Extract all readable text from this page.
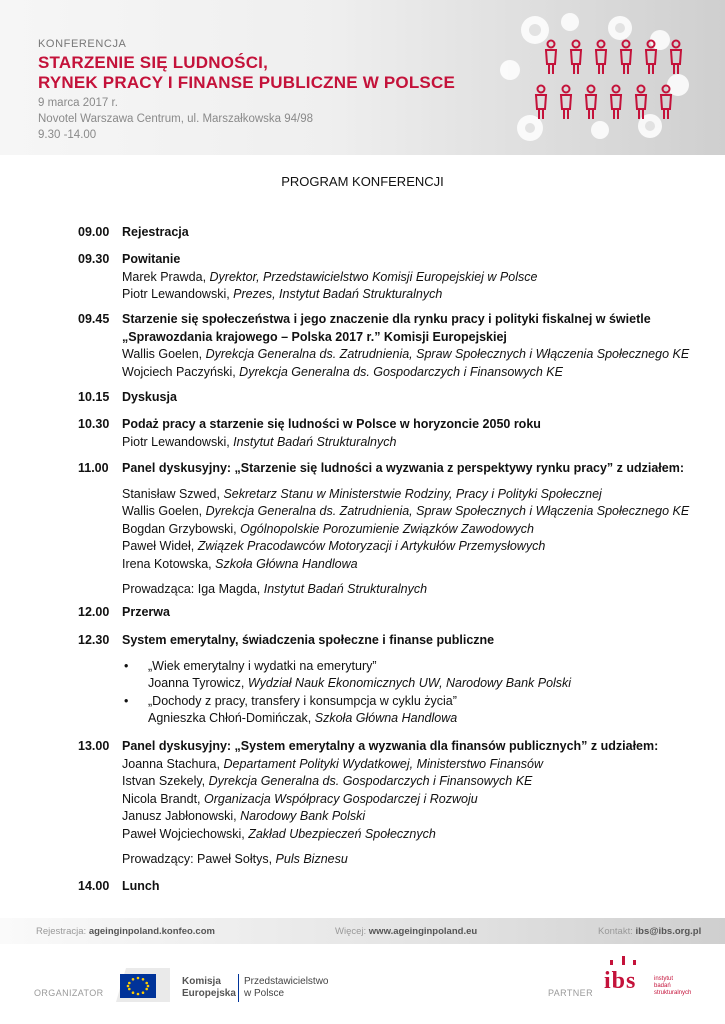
KONFERENCJA
STARZENIE SIĘ LUDNOŚCI,
RYNEK PRACY I FINANSE PUBLICZNE W POLSCE
9 marca 2017 r.
Novotel Warszawa Centrum, ul. Marszałkowska 94/98
9.30 -14.00
PROGRAM KONFERENCJI
09.00	Rejestracja
09.30	Powitanie
Marek Prawda, Dyrektor, Przedstawicielstwo Komisji Europejskiej w Polsce
Piotr Lewandowski, Prezes, Instytut Badań Strukturalnych
09.45	Starzenie się społeczeństwa i jego znaczenie dla rynku pracy i polityki fiskalnej w świetle
„Sprawozdania krajowego – Polska 2017 r.” Komisji Europejskiej
Wallis Goelen, Dyrekcja Generalna ds. Zatrudnienia, Spraw Społecznych i Włączenia Społecznego KE
Wojciech Paczyński, Dyrekcja Generalna ds. Gospodarczych i Finansowych KE
10.15	Dyskusja
10.30	Podaż pracy a starzenie się ludności w Polsce w horyzoncie 2050 roku
Piotr Lewandowski, Instytut Badań Strukturalnych
11.00	Panel dyskusyjny: „Starzenie się ludności a wyzwania z perspektywy rynku pracy” z udziałem:
Stanisław Szwed, Sekretarz Stanu w Ministerstwie Rodziny, Pracy i Polityki Społecznej
Wallis Goelen, Dyrekcja Generalna ds. Zatrudnienia, Spraw Społecznych i Włączenia Społecznego KE
Bogdan Grzybowski, Ogólnopolskie Porozumienie Związków Zawodowych
Paweł Wideł, Związek Pracodawców Motoryzacji i Artykułów Przemysłowych
Irena Kotowska, Szkoła Główna Handlowa
Prowadząca: Iga Magda, Instytut Badań Strukturalnych
12.00	Przerwa
12.30	System emerytalny, świadczenia społeczne i finanse publiczne
• „Wiek emerytalny i wydatki na emerytury”
Joanna Tyrowicz, Wydział Nauk Ekonomicznych UW, Narodowy Bank Polski
• „Dochody z pracy, transfery i konsumpcja w cyklu życia”
Agnieszka Chłoń-Domińczak, Szkoła Główna Handlowa
13.00	Panel dyskusyjny: „System emerytalny a wyzwania dla finansów publicznych” z udziałem:
Joanna Stachura, Departament Polityki Wydatkowej, Ministerstwo Finansów
Istvan Szekely, Dyrekcja Generalna ds. Gospodarczych i Finansowych KE
Nicola Brandt, Organizacja Współpracy Gospodarczej i Rozwoju
Janusz Jabłonowski, Narodowy Bank Polski
Paweł Wojciechowski, Zakład Ubezpieczeń Społecznych
Prowadzący: Paweł Sołtys, Puls Biznesu
14.00	Lunch
Rejestracja: ageinginpoland.konfeo.com	Więcej: www.ageinginpoland.eu	Kontakt: ibs@ibs.org.pl
ORGANIZATOR
Komisja
Europejska
Przedstawicielstwo
w Polsce	PARTNER ibs	instytut
badań
strukturalnych
